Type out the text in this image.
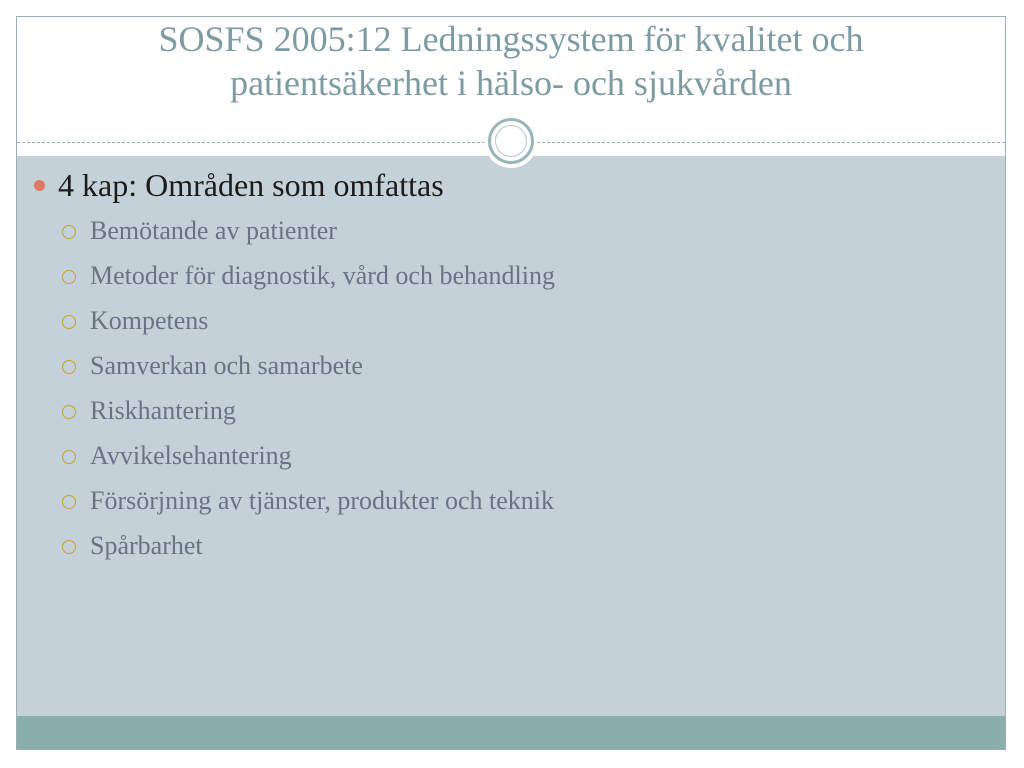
SOSFS 2005:12 Ledningssystem för kvalitet och
patientsäkerhet i hälso- och sjukvården
4 kap: Områden som omfattas
Bemötande av patienter
Metoder för diagnostik, vård och behandling
Kompetens
Samverkan och samarbete
Riskhantering
Avvikelsehantering
Försörjning av tjänster, produkter och teknik
Spårbarhet
